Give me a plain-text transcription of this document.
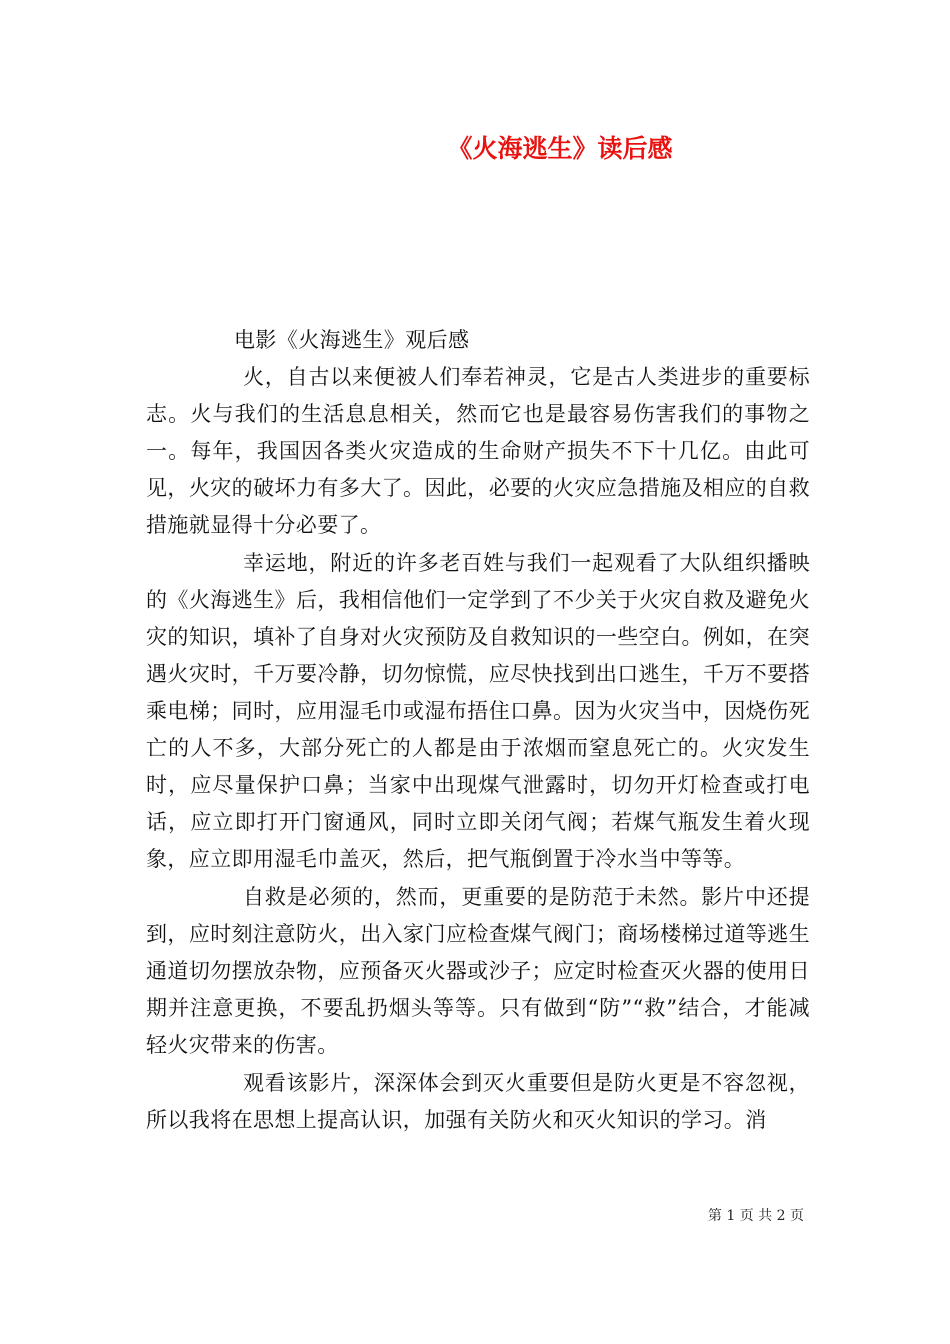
《火海逃生》读后感

电影《火海逃生》观后感

火，自古以来便被人们奉若神灵，它是古人类进步的重要标志。火与我们的生活息息相关，然而它也是最容易伤害我们的事物之一。每年，我国因各类火灾造成的生命财产损失不下十几亿。由此可见，火灾的破坏力有多大了。因此，必要的火灾应急措施及相应的自救措施就显得十分必要了。

幸运地，附近的许多老百姓与我们一起观看了大队组织播映的《火海逃生》后，我相信他们一定学到了不少关于火灾自救及避免火灾的知识，填补了自身对火灾预防及自救知识的一些空白。例如，在突遇火灾时，千万要冷静，切勿惊慌，应尽快找到出口逃生，千万不要搭乘电梯；同时，应用湿毛巾或湿布捂住口鼻。因为火灾当中，因烧伤死亡的人不多，大部分死亡的人都是由于浓烟而窒息死亡的。火灾发生时，应尽量保护口鼻；当家中出现煤气泄露时，切勿开灯检查或打电话，应立即打开门窗通风，同时立即关闭气阀；若煤气瓶发生着火现象，应立即用湿毛巾盖灭，然后，把气瓶倒置于冷水当中等等。

自救是必须的，然而，更重要的是防范于未然。影片中还提到，应时刻注意防火，出入家门应检查煤气阀门；商场楼梯过道等逃生通道切勿摆放杂物，应预备灭火器或沙子；应定时检查灭火器的使用日期并注意更换，不要乱扔烟头等等。只有做到“防”“救”结合，才能减轻火灾带来的伤害。

观看该影片，深深体会到灭火重要但是防火更是不容忽视，所以我将在思想上提高认识，加强有关防火和灭火知识的学习。消

第 1 页 共 2 页
